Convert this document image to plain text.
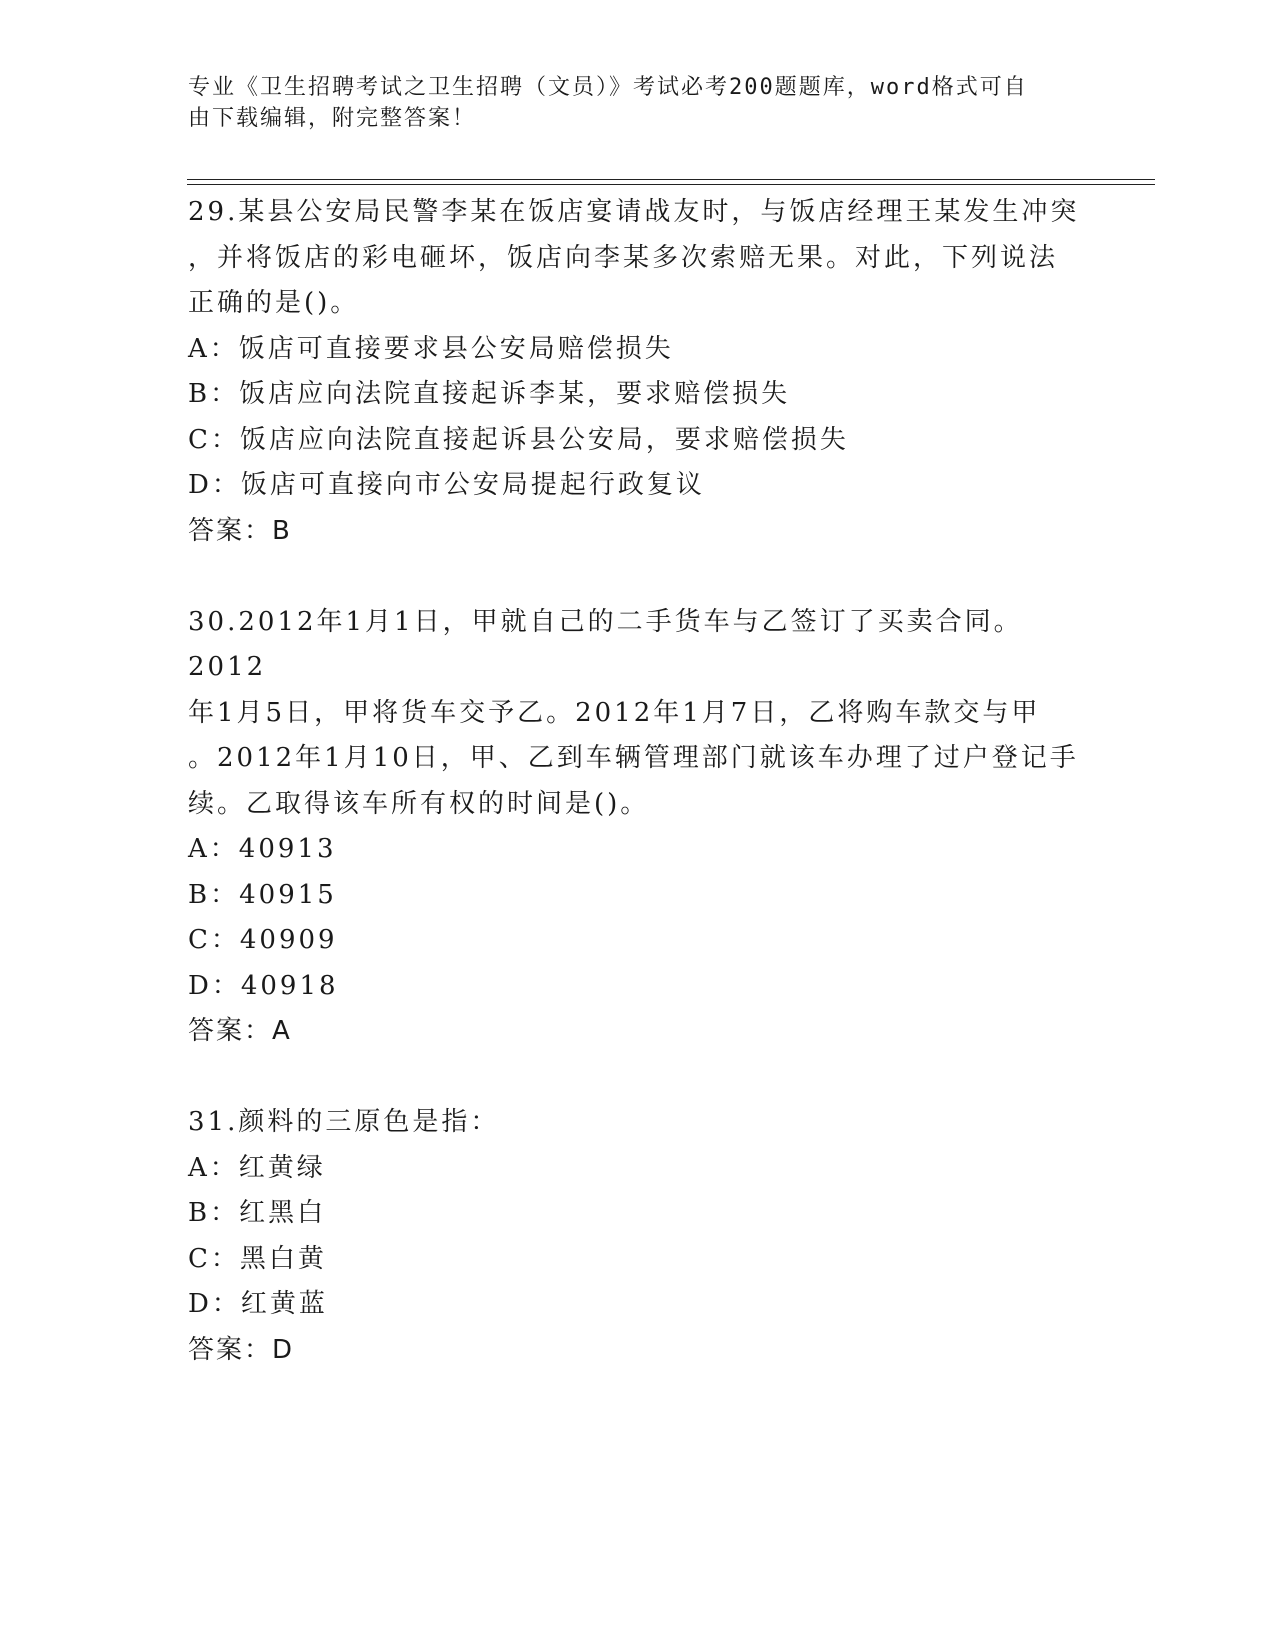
专业《卫生招聘考试之卫生招聘（文员）》考试必考200题题库，word格式可自
由下载编辑，附完整答案！

29.某县公安局民警李某在饭店宴请战友时，与饭店经理王某发生冲突

，并将饭店的彩电砸坏，饭店向李某多次索赔无果。对此，下列说法

正确的是()。

A：饭店可直接要求县公安局赔偿损失

B：饭店应向法院直接起诉李某，要求赔偿损失

C：饭店应向法院直接起诉县公安局，要求赔偿损失

D：饭店可直接向市公安局提起行政复议

答案：B

30.2012年1月1日，甲就自己的二手货车与乙签订了买卖合同。2012

年1月5日，甲将货车交予乙。2012年1月7日，乙将购车款交与甲

。2012年1月10日，甲、乙到车辆管理部门就该车办理了过户登记手

续。乙取得该车所有权的时间是()。

A：40913

B：40915

C：40909

D：40918

答案：A

31.颜料的三原色是指：

A：红黄绿

B：红黑白

C：黑白黄

D：红黄蓝

答案：D
